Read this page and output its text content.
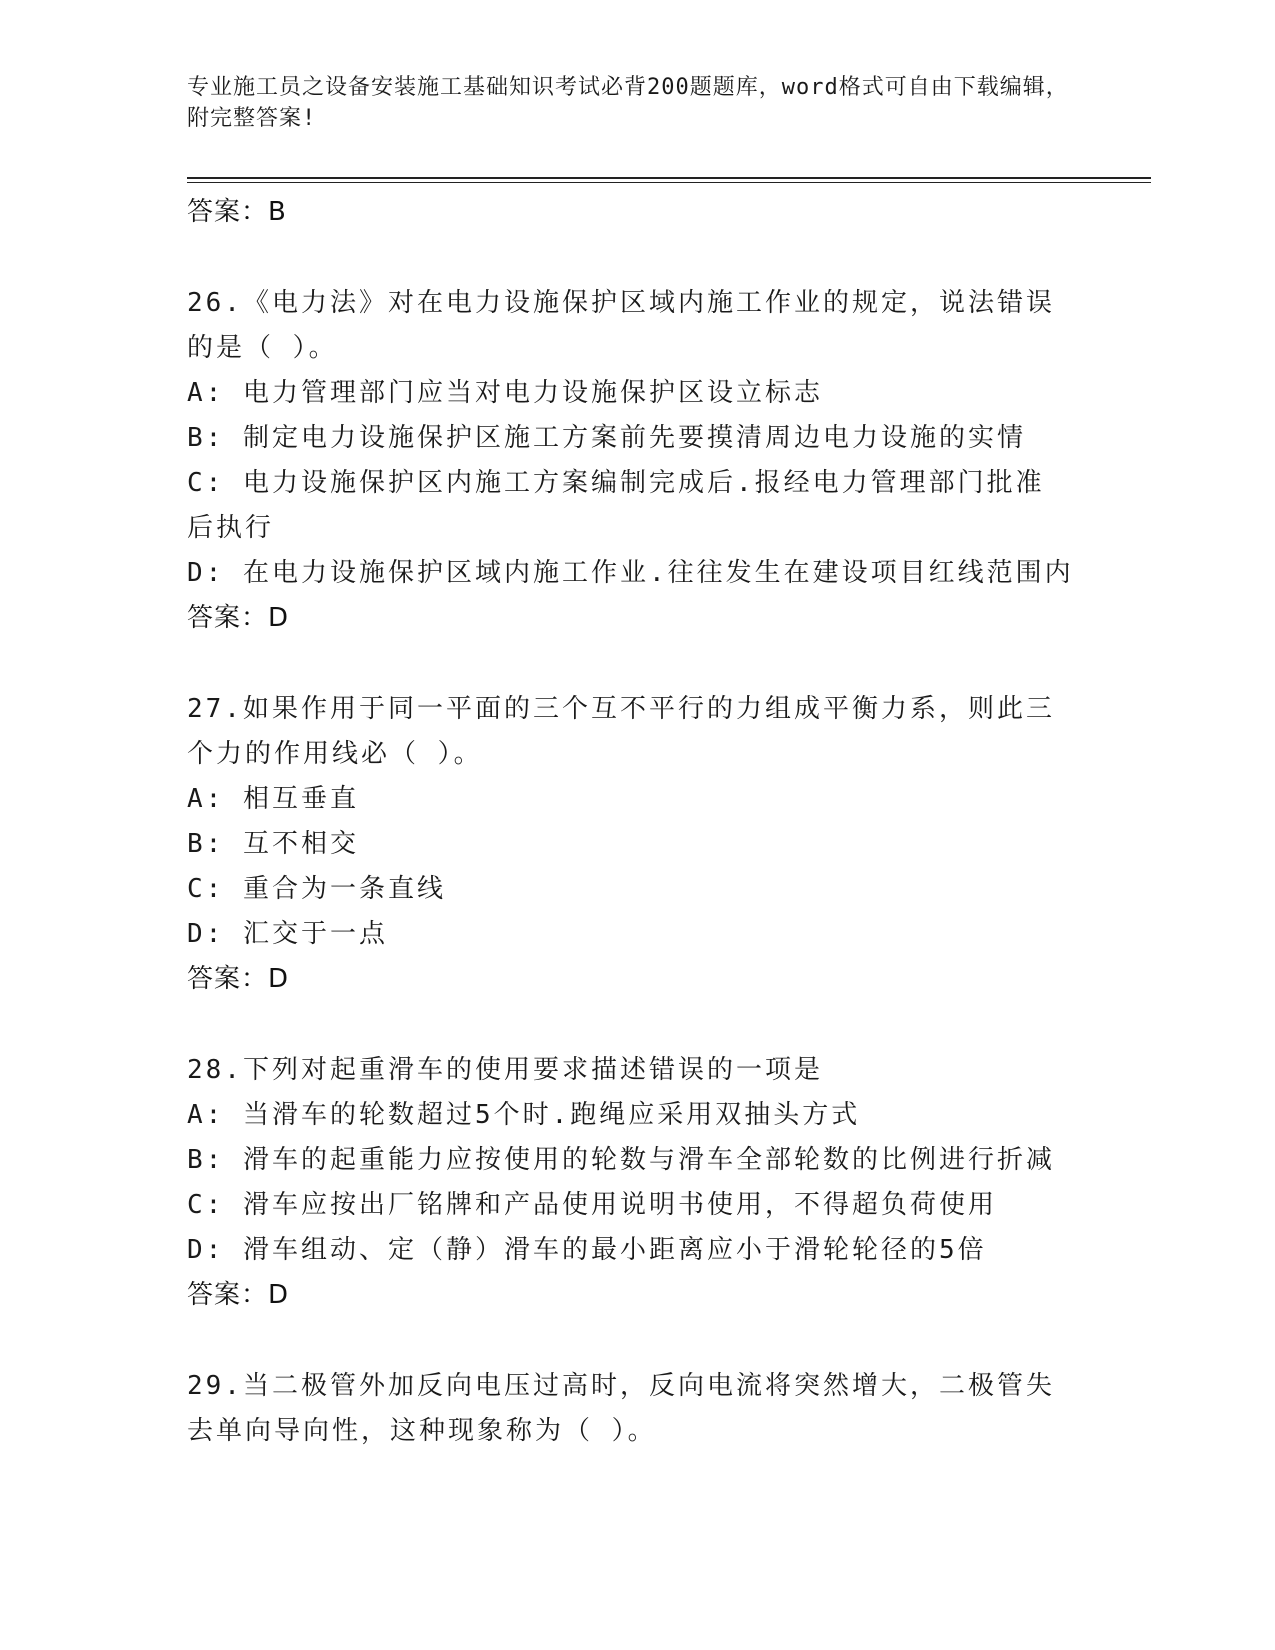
专业施工员之设备安装施工基础知识考试必背200题题库，word格式可自由下载编辑，附完整答案!
答案：B
26.《电力法》对在电力设施保护区域内施工作业的规定，说法错误的是（ ）。
A: 电力管理部门应当对电力设施保护区设立标志
B: 制定电力设施保护区施工方案前先要摸清周边电力设施的实情
C: 电力设施保护区内施工方案编制完成后.报经电力管理部门批准后执行
D: 在电力设施保护区域内施工作业.往往发生在建设项目红线范围内
答案：D
27.如果作用于同一平面的三个互不平行的力组成平衡力系，则此三个力的作用线必（ ）。
A: 相互垂直
B: 互不相交
C: 重合为一条直线
D: 汇交于一点
答案：D
28.下列对起重滑车的使用要求描述错误的一项是
A: 当滑车的轮数超过5个时.跑绳应采用双抽头方式
B: 滑车的起重能力应按使用的轮数与滑车全部轮数的比例进行折减
C: 滑车应按出厂铭牌和产品使用说明书使用，不得超负荷使用
D: 滑车组动、定（静）滑车的最小距离应小于滑轮轮径的5倍
答案：D
29.当二极管外加反向电压过高时，反向电流将突然增大，二极管失去单向导向性，这种现象称为（ ）。
